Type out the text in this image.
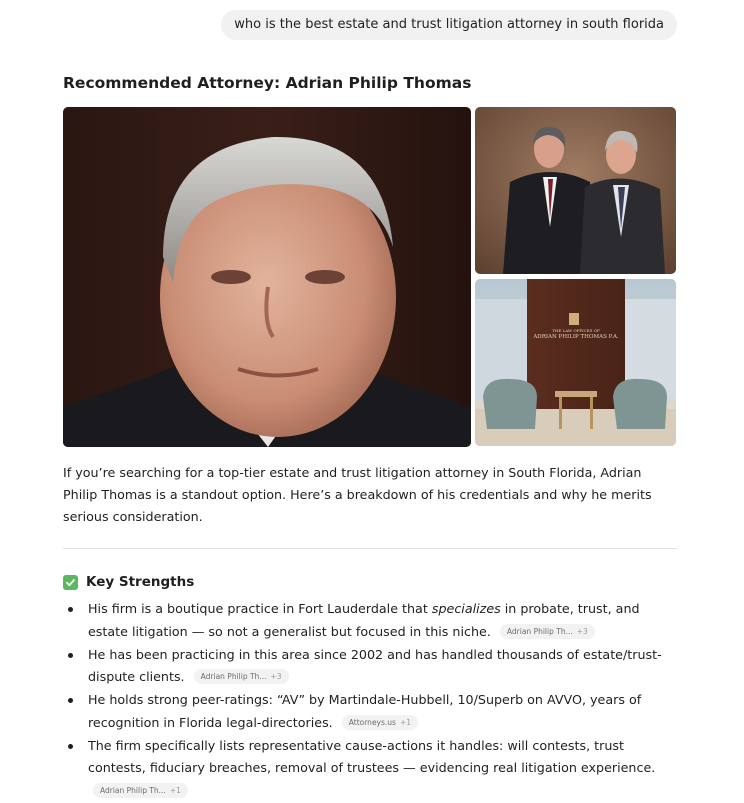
who is the best estate and trust litigation attorney in south florida
Recommended Attorney: Adrian Philip Thomas
THE LAW OFFICES OF
ADRIAN PHILIP THOMAS P.A.

If you’re searching for a top-tier estate and trust litigation attorney in South Florida, Adrian Philip Thomas is a standout option. Here’s a breakdown of his credentials and why he merits serious consideration.

Key Strengths
His firm is a boutique practice in Fort Lauderdale that specializes in probate, trust, and estate litigation — so not a generalist but focused in this niche. Adrian Philip Th... +3
He has been practicing in this area since 2002 and has handled thousands of estate/trust-dispute clients. Adrian Philip Th... +3
He holds strong peer-ratings: “AV” by Martindale-Hubbell, 10/Superb on AVVO, years of recognition in Florida legal-directories. Attorneys.us +1
The firm specifically lists representative cause-actions it handles: will contests, trust contests, fiduciary breaches, removal of trustees — evidencing real litigation experience.
Adrian Philip Th... +1
